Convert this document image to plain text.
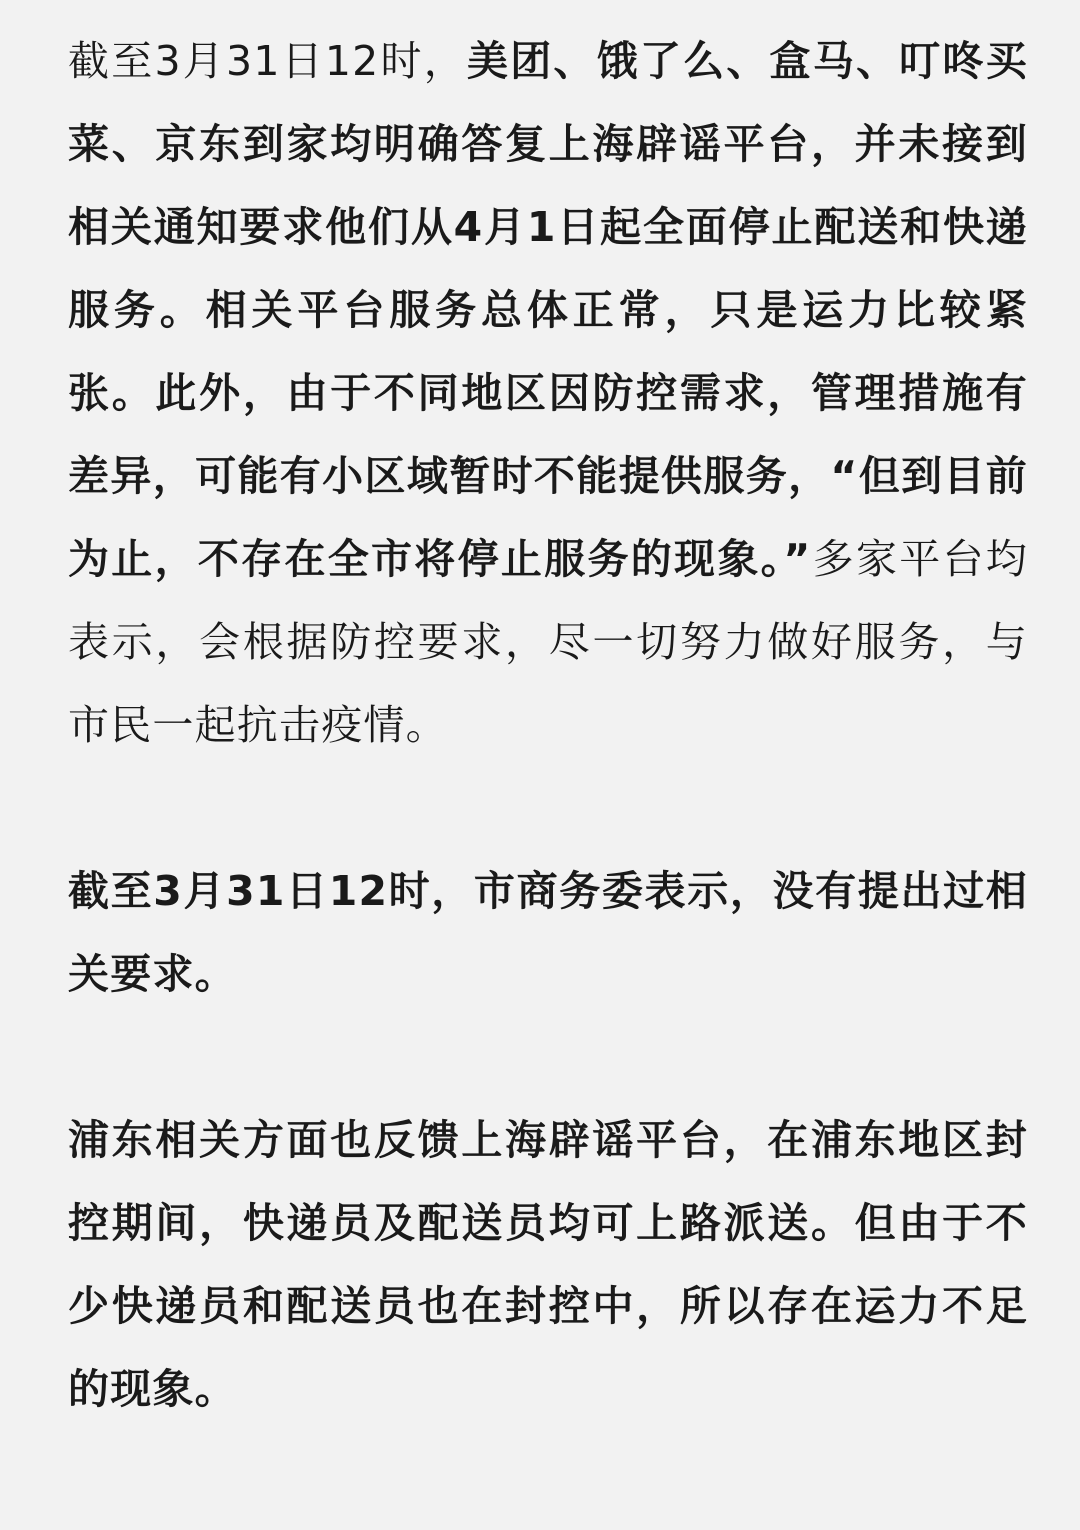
截至3月31日12时，美团、饿了么、盒马、叮咚买菜、京东到家均明确答复上海辟谣平台，并未接到相关通知要求他们从4月1日起全面停止配送和快递服务。相关平台服务总体正常，只是运力比较紧张。此外，由于不同地区因防控需求，管理措施有差异，可能有小区域暂时不能提供服务，“但到目前为止，不存在全市将停止服务的现象。”多家平台均表示，会根据防控要求，尽一切努力做好服务，与市民一起抗击疫情。

截至3月31日12时，市商务委表示，没有提出过相关要求。

浦东相关方面也反馈上海辟谣平台，在浦东地区封控期间，快递员及配送员均可上路派送。但由于不少快递员和配送员也在封控中，所以存在运力不足的现象。
